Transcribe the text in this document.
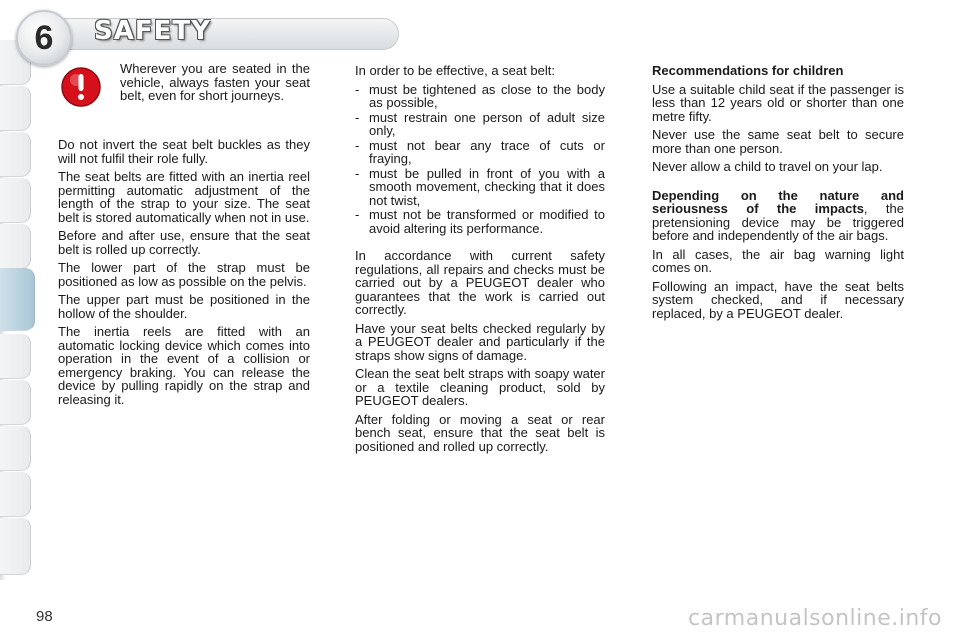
6 SAFETY
Wherever you are seated in the vehicle, always fasten your seat belt, even for short journeys.

Do not invert the seat belt buckles as they will not fulfil their role fully.

The seat belts are fitted with an inertia reel permitting automatic adjustment of the length of the strap to your size. The seat belt is stored automatically when not in use.

Before and after use, ensure that the seat belt is rolled up correctly.

The lower part of the strap must be positioned as low as possible on the pelvis.

The upper part must be positioned in the hollow of the shoulder.

The inertia reels are fitted with an automatic locking device which comes into operation in the event of a collision or emergency braking. You can release the device by pulling rapidly on the strap and releasing it.

In order to be effective, a seat belt:

- must be tightened as close to the body as possible,
- must restrain one person of adult size only,
- must not bear any trace of cuts or fraying,
- must be pulled in front of you with a smooth movement, checking that it does not twist,
- must not be transformed or modified to avoid altering its performance.

In accordance with current safety regulations, all repairs and checks must be carried out by a PEUGEOT dealer who guarantees that the work is carried out correctly.

Have your seat belts checked regularly by a PEUGEOT dealer and particularly if the straps show signs of damage.

Clean the seat belt straps with soapy water or a textile cleaning product, sold by PEUGEOT dealers.

After folding or moving a seat or rear bench seat, ensure that the seat belt is positioned and rolled up correctly.

Recommendations for children

Use a suitable child seat if the passenger is less than 12 years old or shorter than one metre fifty.

Never use the same seat belt to secure more than one person.

Never allow a child to travel on your lap.

Depending on the nature and seriousness of the impacts, the pretensioning device may be triggered before and independently of the air bags.

In all cases, the air bag warning light comes on.

Following an impact, have the seat belts system checked, and if necessary replaced, by a PEUGEOT dealer.

98	carmanualsonline.info
